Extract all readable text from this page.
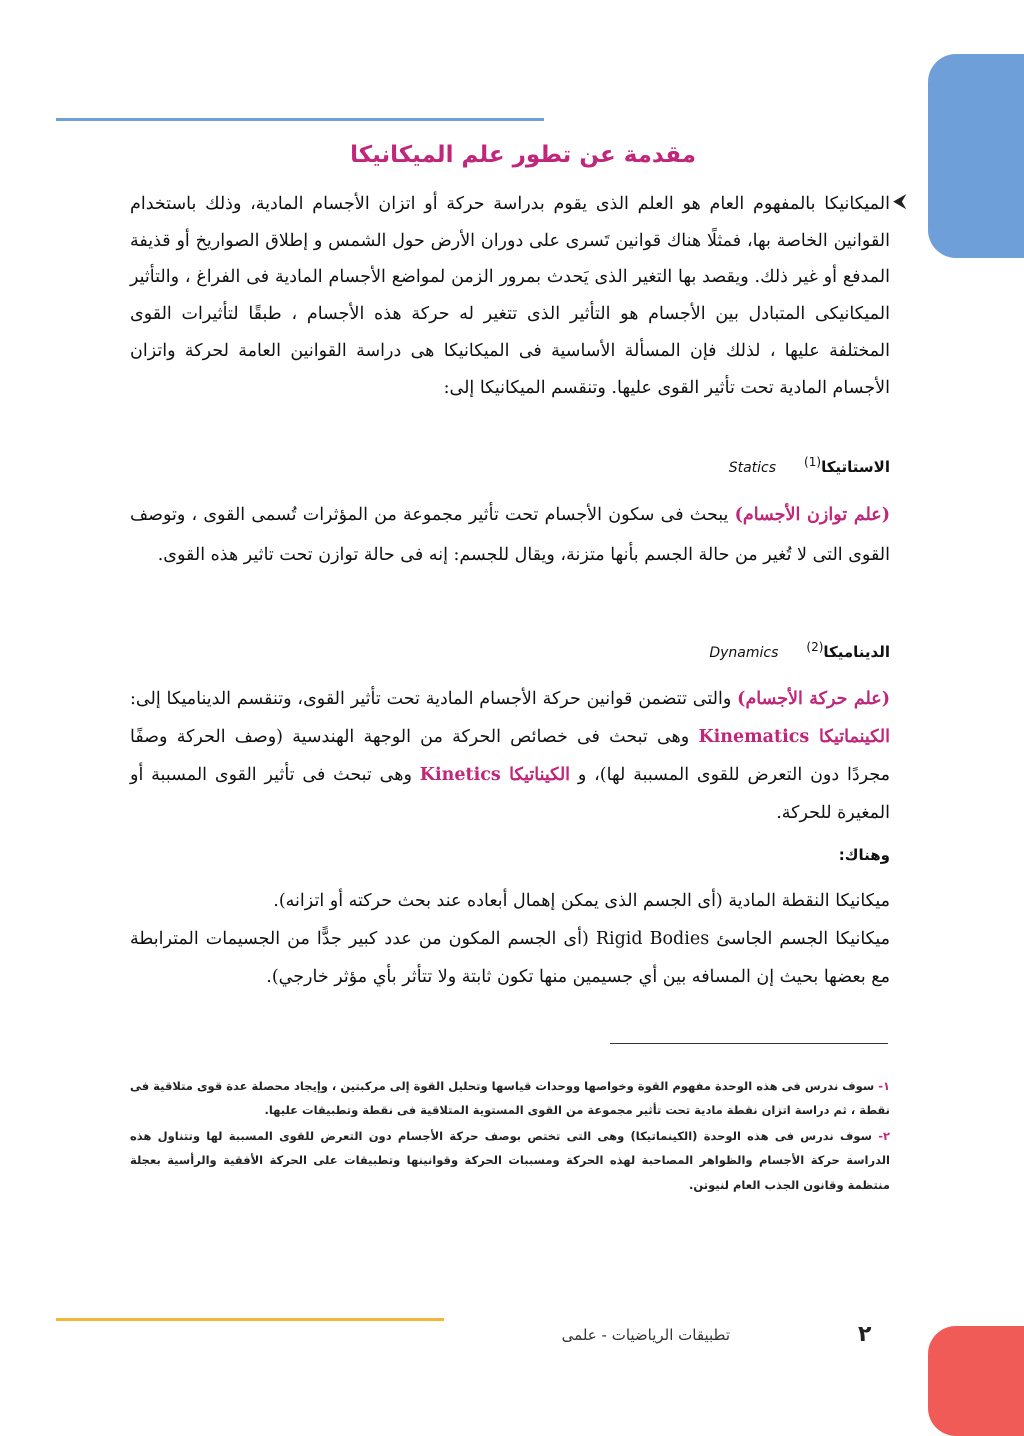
مقدمة عن تطور علم الميكانيكا
⮜

الميكانيكا بالمفهوم العام هو العلم الذى يقوم بدراسة حركة أو اتزان الأجسام المادية، وذلك باستخدام القوانين الخاصة بها، فمثلًا هناك قوانين تَسرى على دوران الأرض حول الشمس و إطلاق الصواريخ أو قذيفة المدفع أو غير ذلك. ويقصد بها التغير الذى يَحدث بمرور الزمن لمواضع الأجسام المادية فى الفراغ ، والتأثير الميكانيكى المتبادل بين الأجسام هو التأثير الذى تتغير له حركة هذه الأجسام ، طبقًا لتأثيرات القوى المختلفة عليها ، لذلك فإن المسألة الأساسية فى الميكانيكا هى دراسة القوانين العامة لحركة واتزان الأجسام المادية تحت تأثير القوى عليها. وتنقسم الميكانيكا إلى:

الاستاتيكا$^{(1)}$Statics

(علم توازن الأجسام) يبحث فى سكون الأجسام تحت تأثير مجموعة من المؤثرات تُسمى القوى ، وتوصف القوى التى لا تُغير من حالة الجسم بأنها متزنة، ويقال للجسم: إنه فى حالة توازن تحت تاثير هذه القوى.

الديناميكا$^{(2)}$Dynamics

(علم حركة الأجسام) والتى تتضمن قوانين حركة الأجسام المادية تحت تأثير القوى، وتنقسم الديناميكا إلى: الكينماتيكا Kinematics وهى تبحث فى خصائص الحركة من الوجهة الهندسية (وصف الحركة وصفًا مجردًا دون التعرض للقوى المسببة لها)، و الكيناتيكا Kinetics وهى تبحث فى تأثير القوى المسببة أو المغيرة للحركة.

وهناك:
ميكانيكا النقطة المادية (أى الجسم الذى يمكن إهمال أبعاده عند بحث حركته أو اتزانه).
ميكانيكا الجسم الجاسئ Rigid Bodies (أى الجسم المكون من عدد كبير جدًّا من الجسيمات المترابطة مع بعضها بحيث إن المسافه بين أي جسيمين منها تكون ثابتة ولا تتأثر بأي مؤثر خارجي).

١- سوف ندرس فى هذه الوحدة مفهوم القوة وخواصها ووحدات قياسها وتحليل القوة إلى مركبتين ، وإيجاد محصلة عدة قوى متلاقية فى نقطة ، ثم دراسة اتزان نقطة مادية تحت تأثير مجموعة من القوى المستوية المتلاقية فى نقطة وتطبيقات عليها.

٢- سوف ندرس فى هذه الوحدة (الكينماتيكا) وهى التى تختص بوصف حركة الأجسام دون التعرض للقوى المسببة لها وتتناول هذه الدراسة حركة الأجسام والظواهر المصاحبة لهذه الحركة ومسببات الحركة وقوانينها وتطبيقات على الحركة الأفقية والرأسية بعجلة منتظمة وقانون الجذب العام لنيوتن.

تطبيقات الرياضيات - علمى	٢
